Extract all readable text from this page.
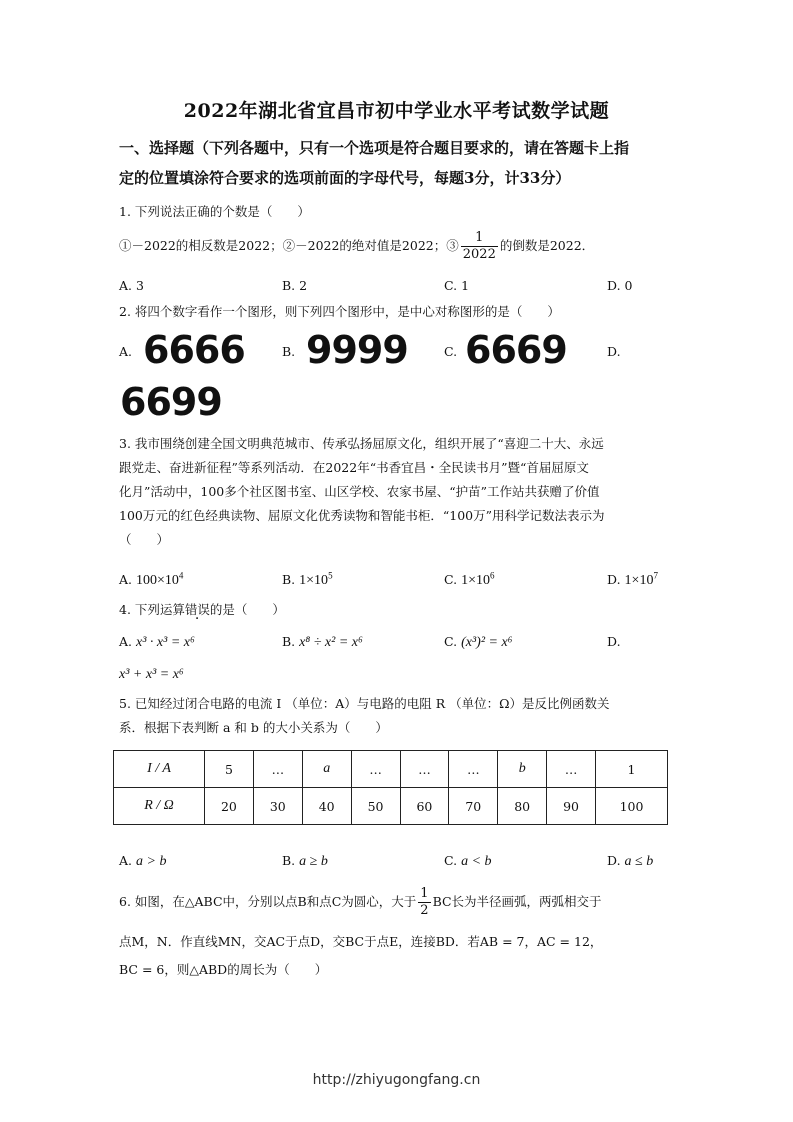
2022年湖北省宜昌市初中学业水平考试数学试题
一、选择题（下列各题中，只有一个选项是符合题目要求的，请在答题卡上指
定的位置填涂符合要求的选项前面的字母代号，每题3分，计33分）
1. 下列说法正确的个数是（　　）
①－2022的相反数是2022；②－2022的绝对值是2022；③ $\frac{1}{2022}$ 的倒数是2022．
A. 3	B. 2	C. 1	D. 0
2. 将四个数字看作一个图形，则下列四个图形中，是中心对称图形的是（　　）
A. 6666	B. 9999	C. 6669	D.
6699
3. 我市围绕创建全国文明典范城市、传承弘扬屈原文化，组织开展了“喜迎二十大、永远
跟党走、奋进新征程”等系列活动．在2022年“书香宜昌・全民读书月”暨“首届屈原文
化月”活动中，100多个社区图书室、山区学校、农家书屋、“护苗”工作站共获赠了价值
100万元的红色经典读物、屈原文化优秀读物和智能书柜．“100万”用科学记数法表示为
（　　）
A. $100\times 10^4$	B. $1\times 10^5$	C. $1\times 10^6$	D. $1\times 10^7$
4. 下列运算错误的是（　　）
A. x³ · x³ = x⁶	B. x⁸ ÷ x² = x⁶	C. (x³)² = x⁶	D.
x³ + x³ = x⁶
5. 已知经过闭合电路的电流 I （单位：A）与电路的电阻 R （单位：Ω）是反比例函数关
系．根据下表判断 a 和 b 的大小关系为（　　）
I / A	5	…	a	…	…	…	b	…	1
R / Ω	20	30	40	50	60	70	80	90	100
A. a > b	B. a ≥ b	C. a < b	D. a ≤ b
6. 如图，在△ABC中，分别以点B和点C为圆心，大于 $\frac{1}{2}$ BC长为半径画弧，两弧相交于
点M，N．作直线MN，交AC于点D，交BC于点E，连接BD．若AB = 7，AC = 12，
BC = 6，则△ABD的周长为（　　）
http://zhiyugongfang.cn
